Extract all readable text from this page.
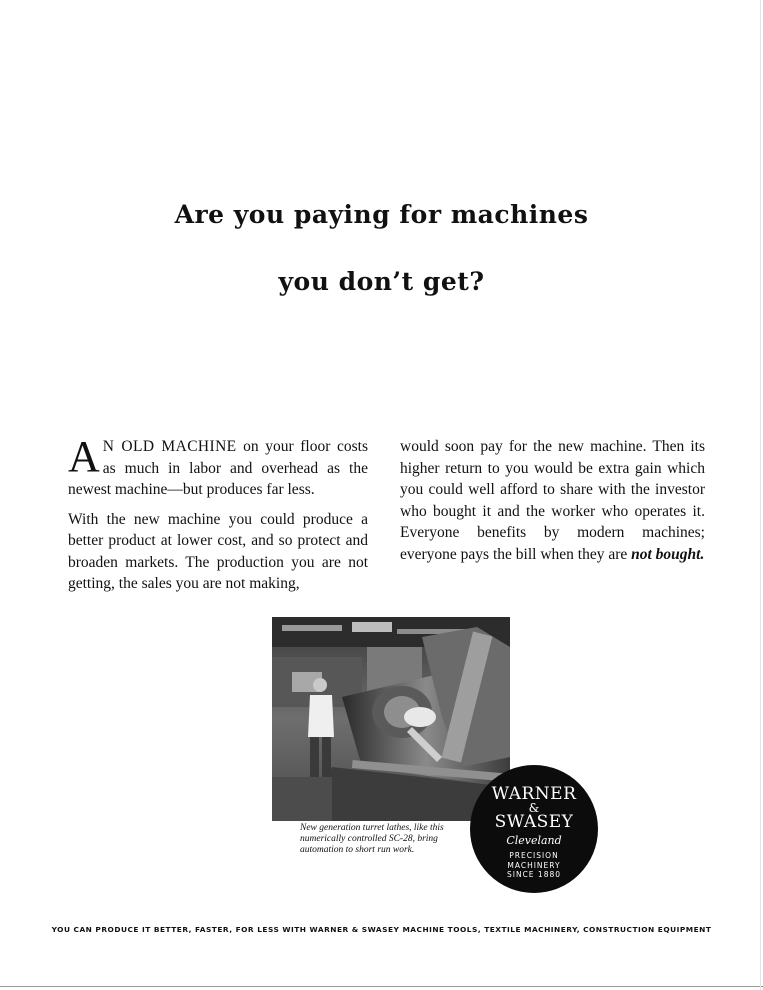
Are you paying for machines
you don’t get?

A N OLD MACHINE on your floor costs as much in labor and overhead as the newest machine—but produces far less.

With the new machine you could produce a better product at lower cost, and so protect and broaden markets. The production you are not getting, the sales you are not making,

would soon pay for the new machine. Then its higher return to you would be extra gain which you could well afford to share with the investor who bought it and the worker who operates it. Everyone benefits by modern machines; everyone pays the bill when they are not bought.

New generation turret lathes, like this numerically controlled SC-28, bring automation to short run work.
WARNER
&
SWASEY
Cleveland
PRECISION
MACHINERY
SINCE 1880
YOU CAN PRODUCE IT BETTER, FASTER, FOR LESS WITH WARNER & SWASEY MACHINE TOOLS, TEXTILE MACHINERY, CONSTRUCTION EQUIPMENT
